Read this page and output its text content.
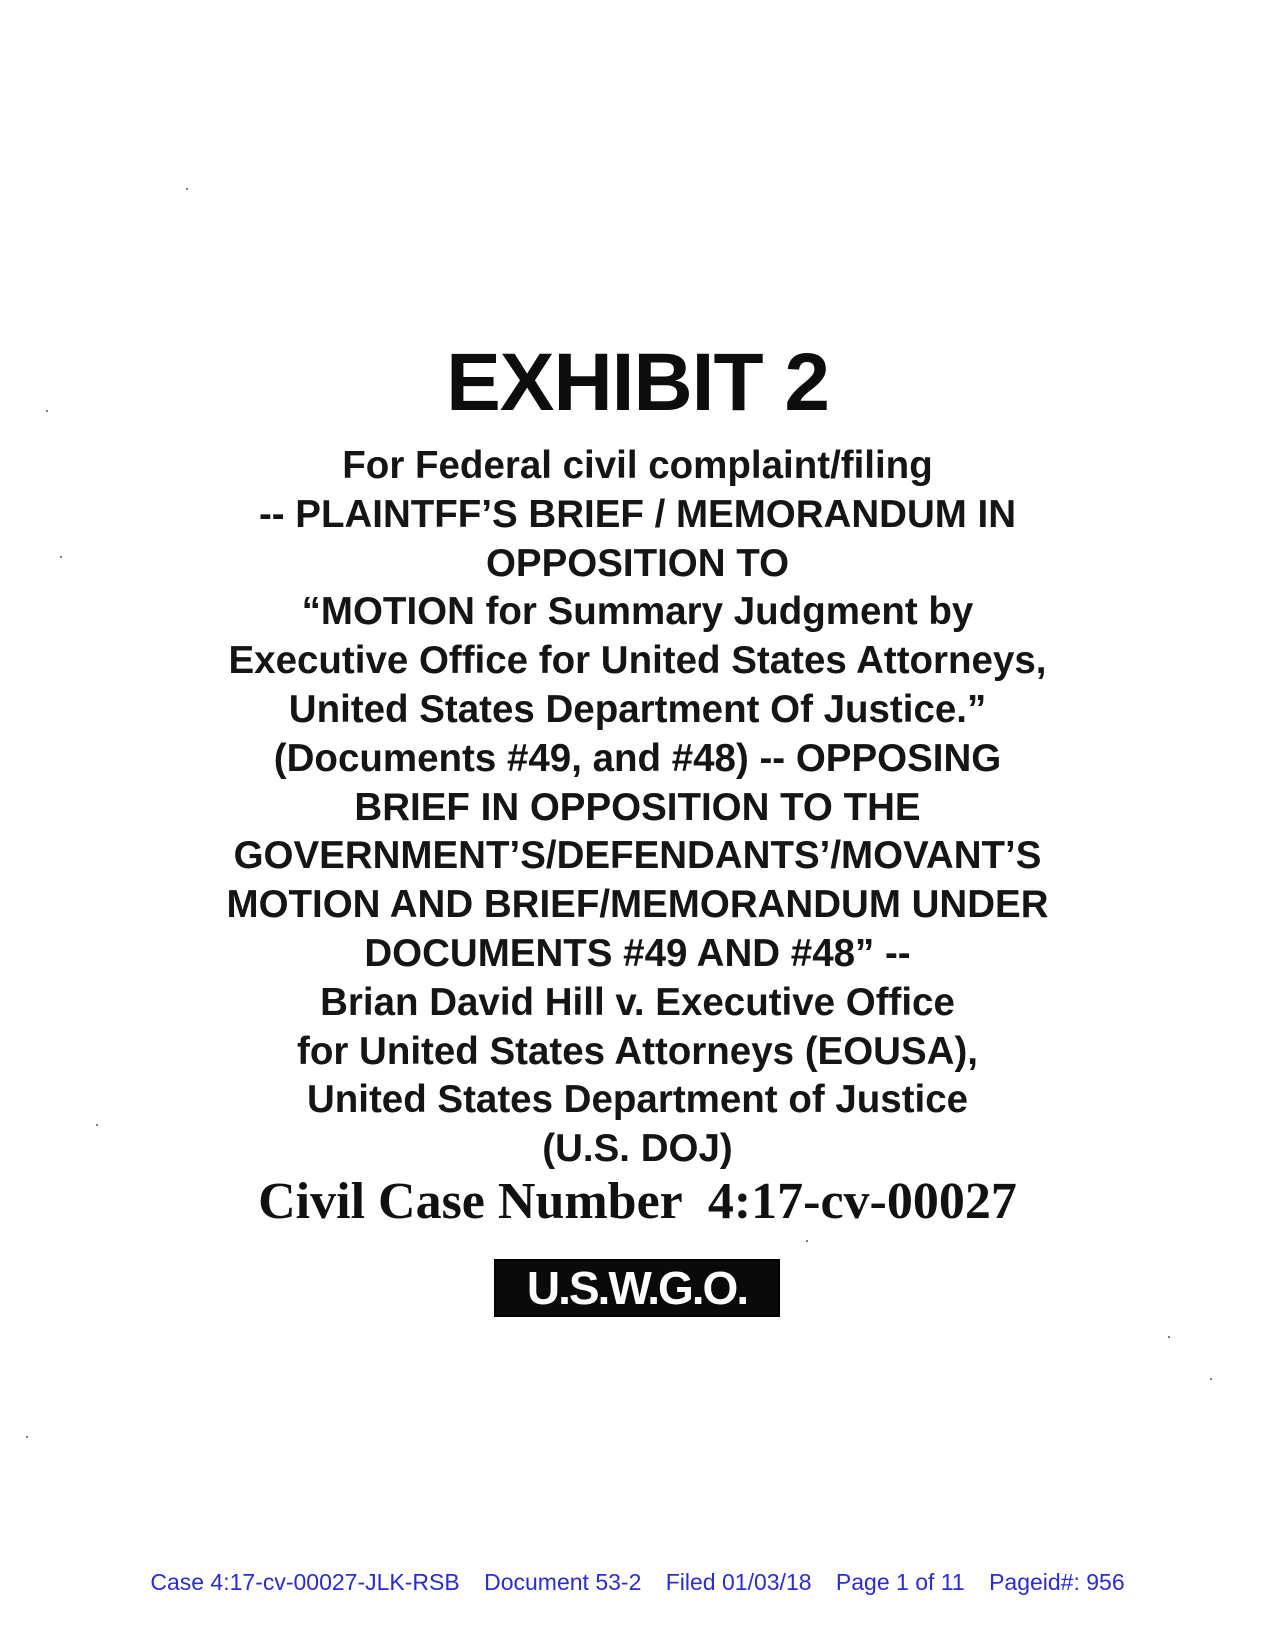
EXHIBIT 2
For Federal civil complaint/filing
-- PLAINTFF’S BRIEF / MEMORANDUM IN
OPPOSITION TO
“MOTION for Summary Judgment by
Executive Office for United States Attorneys,
United States Department Of Justice.”
(Documents #49, and #48) -- OPPOSING
BRIEF IN OPPOSITION TO THE
GOVERNMENT’S/DEFENDANTS’/MOVANT’S
MOTION AND BRIEF/MEMORANDUM UNDER
DOCUMENTS #49 AND #48” --
Brian David Hill v. Executive Office
for United States Attorneys (EOUSA),
United States Department of Justice
(U.S. DOJ)
Civil Case Number  4:17-cv-00027
U.S.W.G.O.
Case 4:17-cv-00027-JLK-RSB Document 53-2 Filed 01/03/18 Page 1 of 11 Pageid#: 956
